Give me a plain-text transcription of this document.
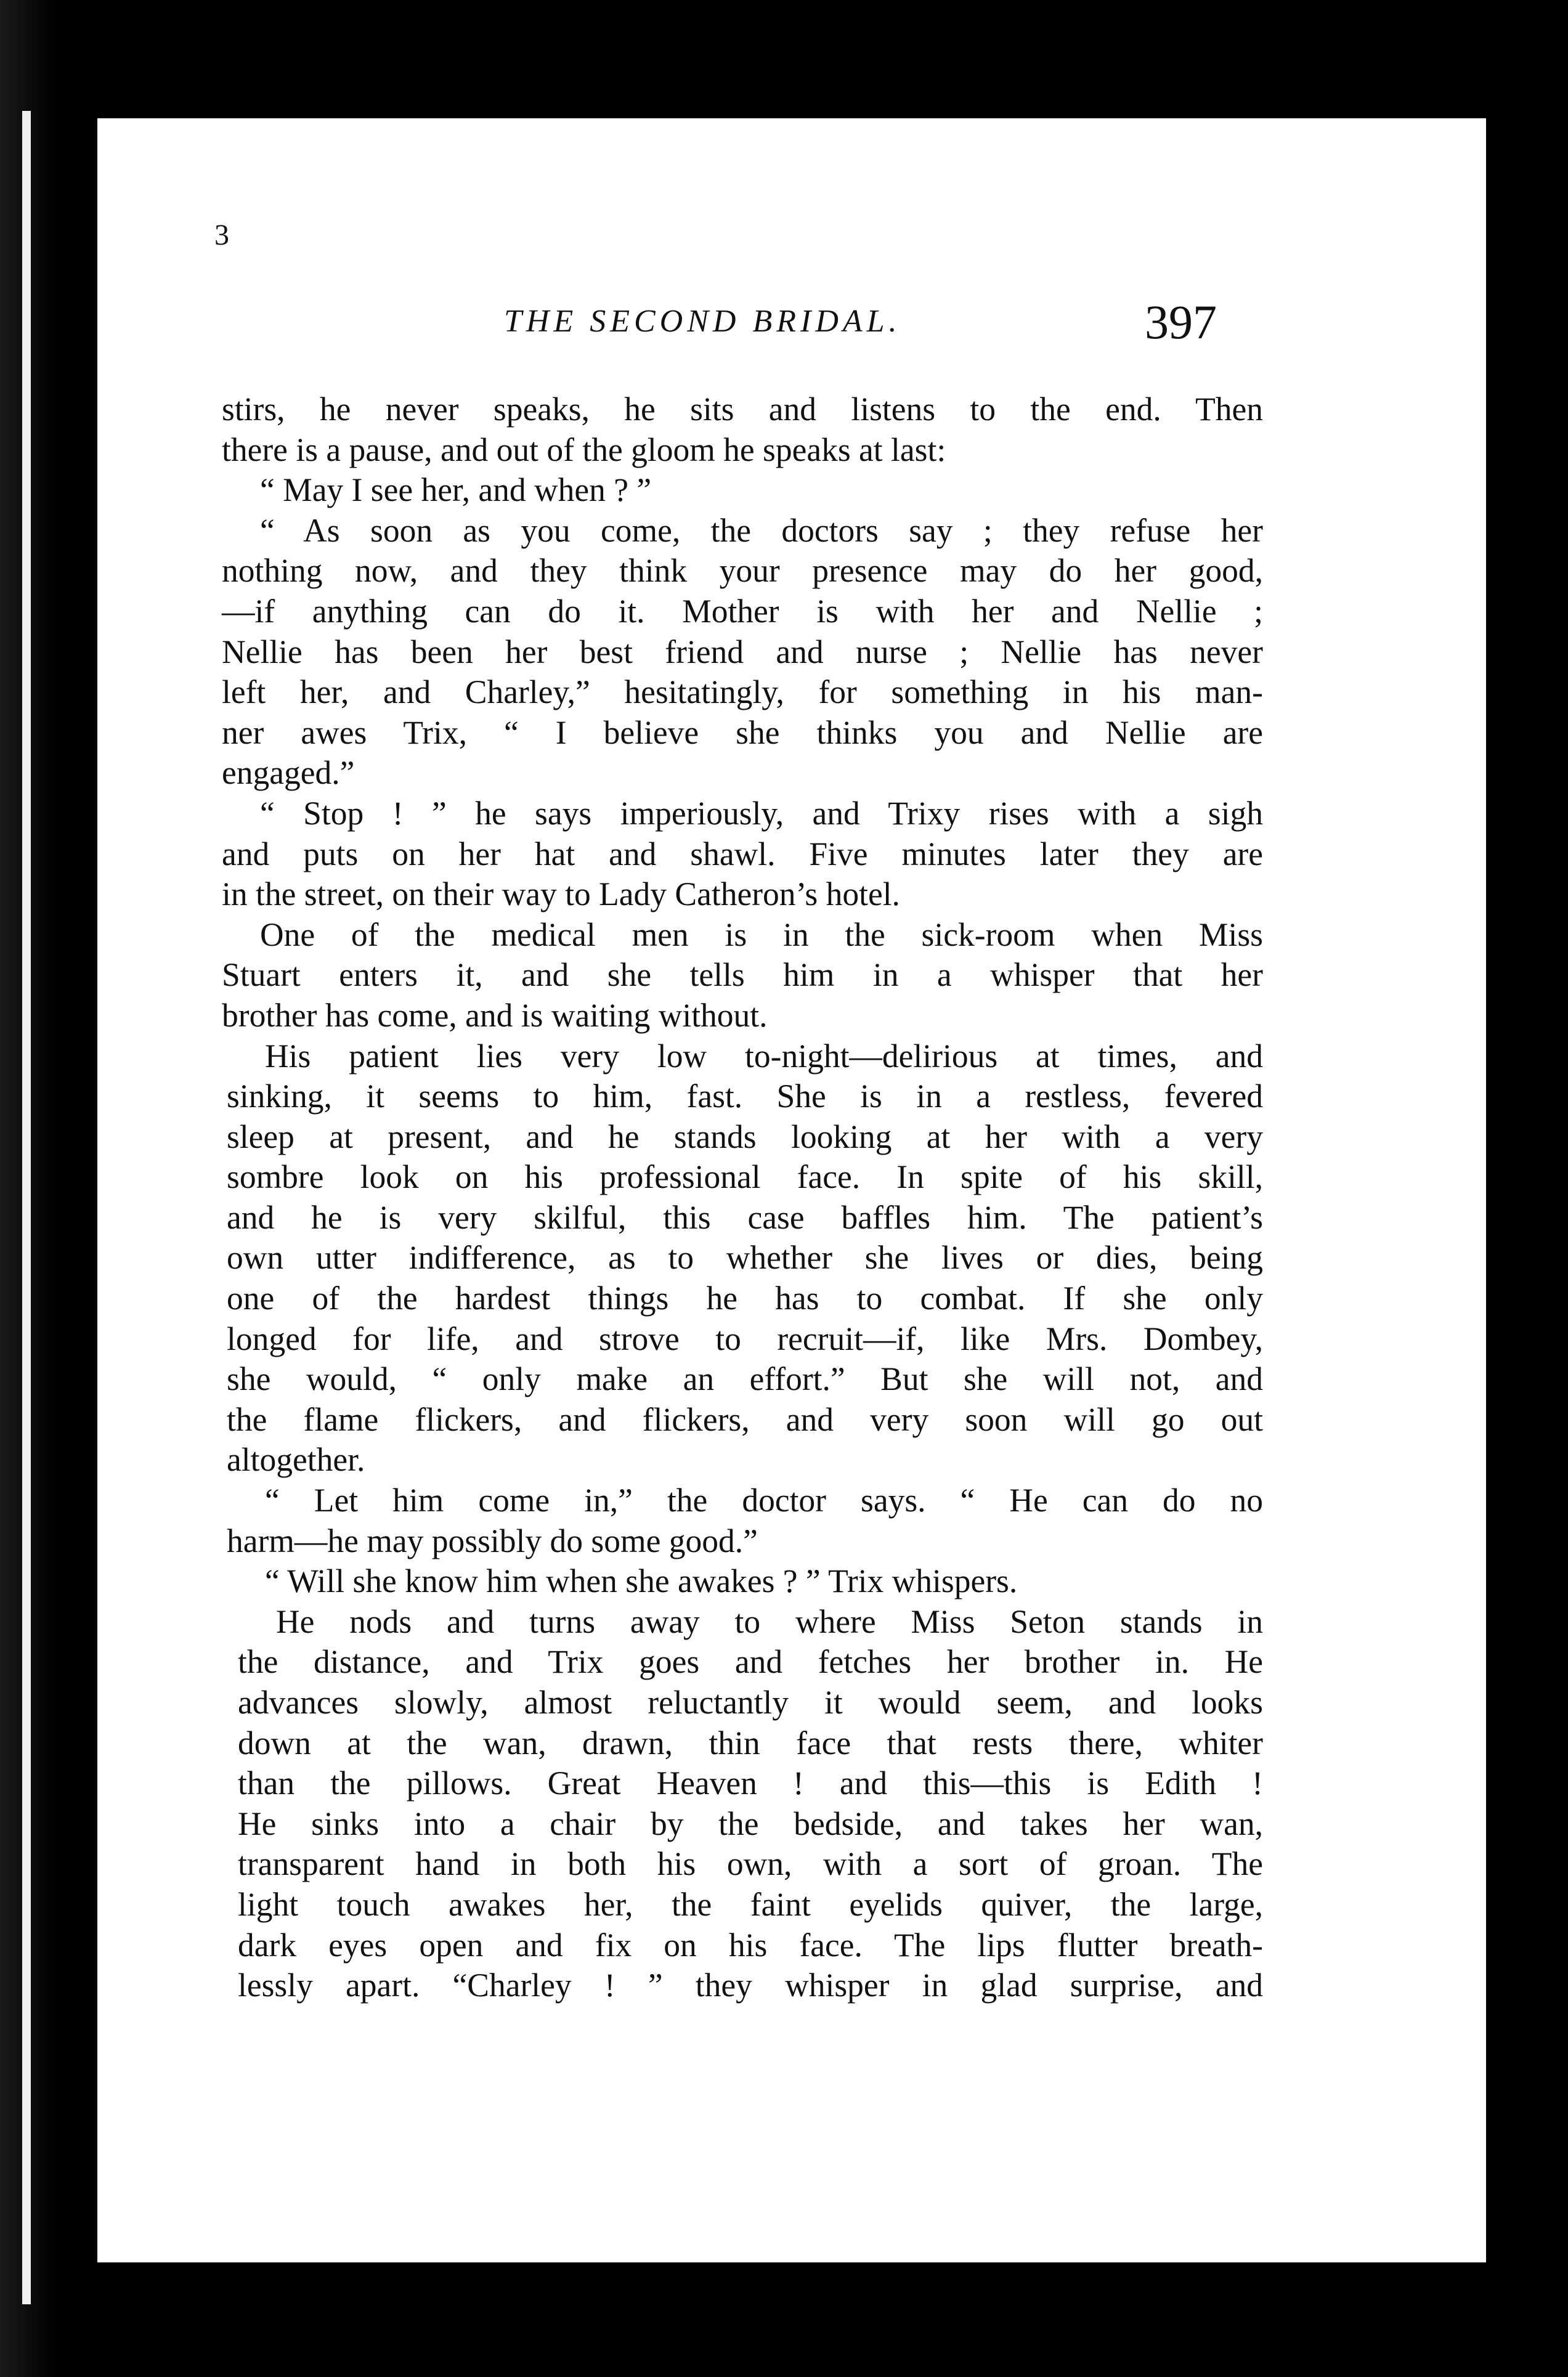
3
THE SECOND BRIDAL.	397
stirs, he never speaks, he sits and listens to the end. Then
there is a pause, and out of the gloom he speaks at last:
“ May I see her, and when ? ”
“ As soon as you come, the doctors say ; they refuse her
nothing now, and they think your presence may do her good,
—if anything can do it. Mother is with her and Nellie ;
Nellie has been her best friend and nurse ; Nellie has never
left her, and Charley,” hesitatingly, for something in his man-
ner awes Trix, “ I believe she thinks you and Nellie are
engaged.”
“ Stop ! ” he says imperiously, and Trixy rises with a sigh
and puts on her hat and shawl. Five minutes later they are
in the street, on their way to Lady Catheron’s hotel.
One of the medical men is in the sick-room when Miss
Stuart enters it, and she tells him in a whisper that her
brother has come, and is waiting without.
His patient lies very low to-night—delirious at times, and
sinking, it seems to him, fast. She is in a restless, fevered
sleep at present, and he stands looking at her with a very
sombre look on his professional face. In spite of his skill,
and he is very skilful, this case baffles him. The patient’s
own utter indifference, as to whether she lives or dies, being
one of the hardest things he has to combat. If she only
longed for life, and strove to recruit—if, like Mrs. Dombey,
she would, “ only make an effort.” But she will not, and
the flame flickers, and flickers, and very soon will go out
altogether.
“ Let him come in,” the doctor says. “ He can do no
harm—he may possibly do some good.”
“ Will she know him when she awakes ? ” Trix whispers.
He nods and turns away to where Miss Seton stands in
the distance, and Trix goes and fetches her brother in. He
advances slowly, almost reluctantly it would seem, and looks
down at the wan, drawn, thin face that rests there, whiter
than the pillows. Great Heaven ! and this—this is Edith !
He sinks into a chair by the bedside, and takes her wan,
transparent hand in both his own, with a sort of groan. The
light touch awakes her, the faint eyelids quiver, the large,
dark eyes open and fix on his face. The lips flutter breath-
lessly apart. “Charley ! ” they whisper in glad surprise, and
